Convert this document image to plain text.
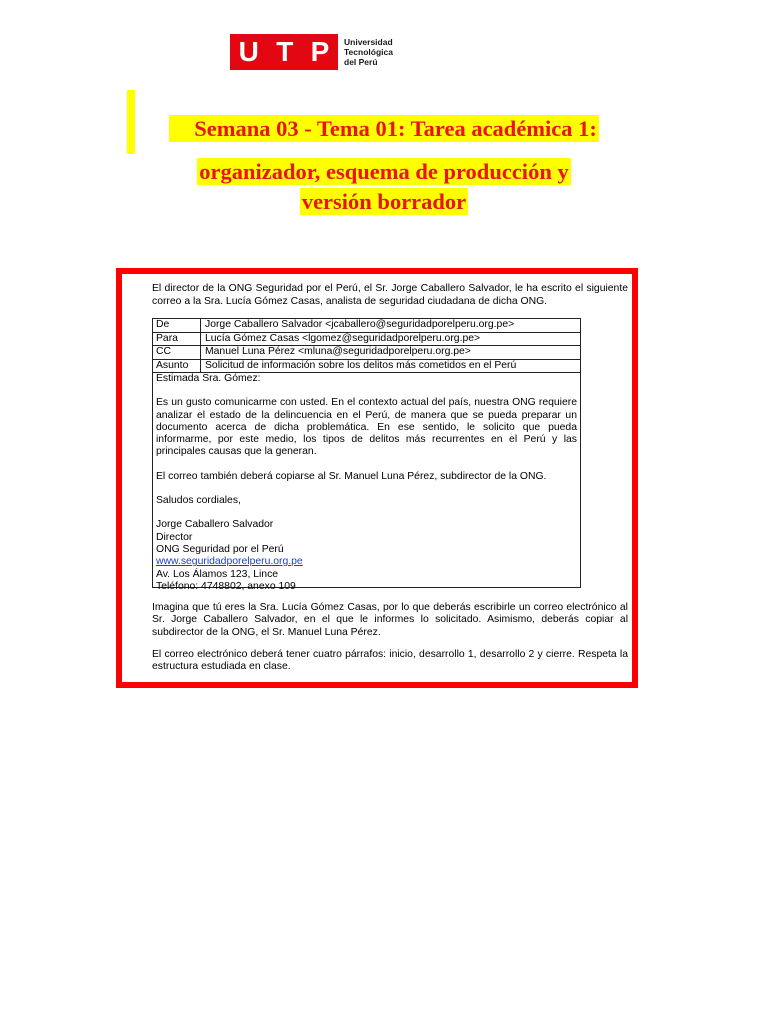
U T P Universidad
Tecnológica
del Perú
  Semana 03 - Tema 01: Tarea académica 1:
organizador, esquema de producción y
versión borrador
El director de la ONG Seguridad por el Perú, el Sr. Jorge Caballero Salvador, le ha escrito el siguiente correo a la Sra. Lucía Gómez Casas, analista de seguridad ciudadana de dicha ONG.
De	Jorge Caballero Salvador <jcaballero@seguridadporelperu.org.pe>
Para	Lucía Gómez Casas <lgomez@seguridadporelperu.org.pe>
CC	Manuel Luna Pérez <mluna@seguridadporelperu.org.pe>
Asunto	Solicitud de información sobre los delitos más cometidos en el Perú

Estimada Sra. Gómez:

Es un gusto comunicarme con usted. En el contexto actual del país, nuestra ONG requiere analizar el estado de la delincuencia en el Perú, de manera que se pueda preparar un documento acerca de dicha problemática. En ese sentido, le solicito que pueda informarme, por este medio, los tipos de delitos más recurrentes en el Perú y las principales causas que la generan.

El correo también deberá copiarse al Sr. Manuel Luna Pérez, subdirector de la ONG.

Saludos cordiales,

Jorge Caballero Salvador
Director
ONG Seguridad por el Perú
www.seguridadporelperu.org.pe
Av. Los Álamos 123, Lince
Teléfono: 4748802, anexo 109

Imagina que tú eres la Sra. Lucía Gómez Casas, por lo que deberás escribirle un correo electrónico al Sr. Jorge Caballero Salvador, en el que le informes lo solicitado. Asimismo, deberás copiar al subdirector de la ONG, el Sr. Manuel Luna Pérez.

El correo electrónico deberá tener cuatro párrafos: inicio, desarrollo 1, desarrollo 2 y cierre. Respeta la estructura estudiada en clase.
